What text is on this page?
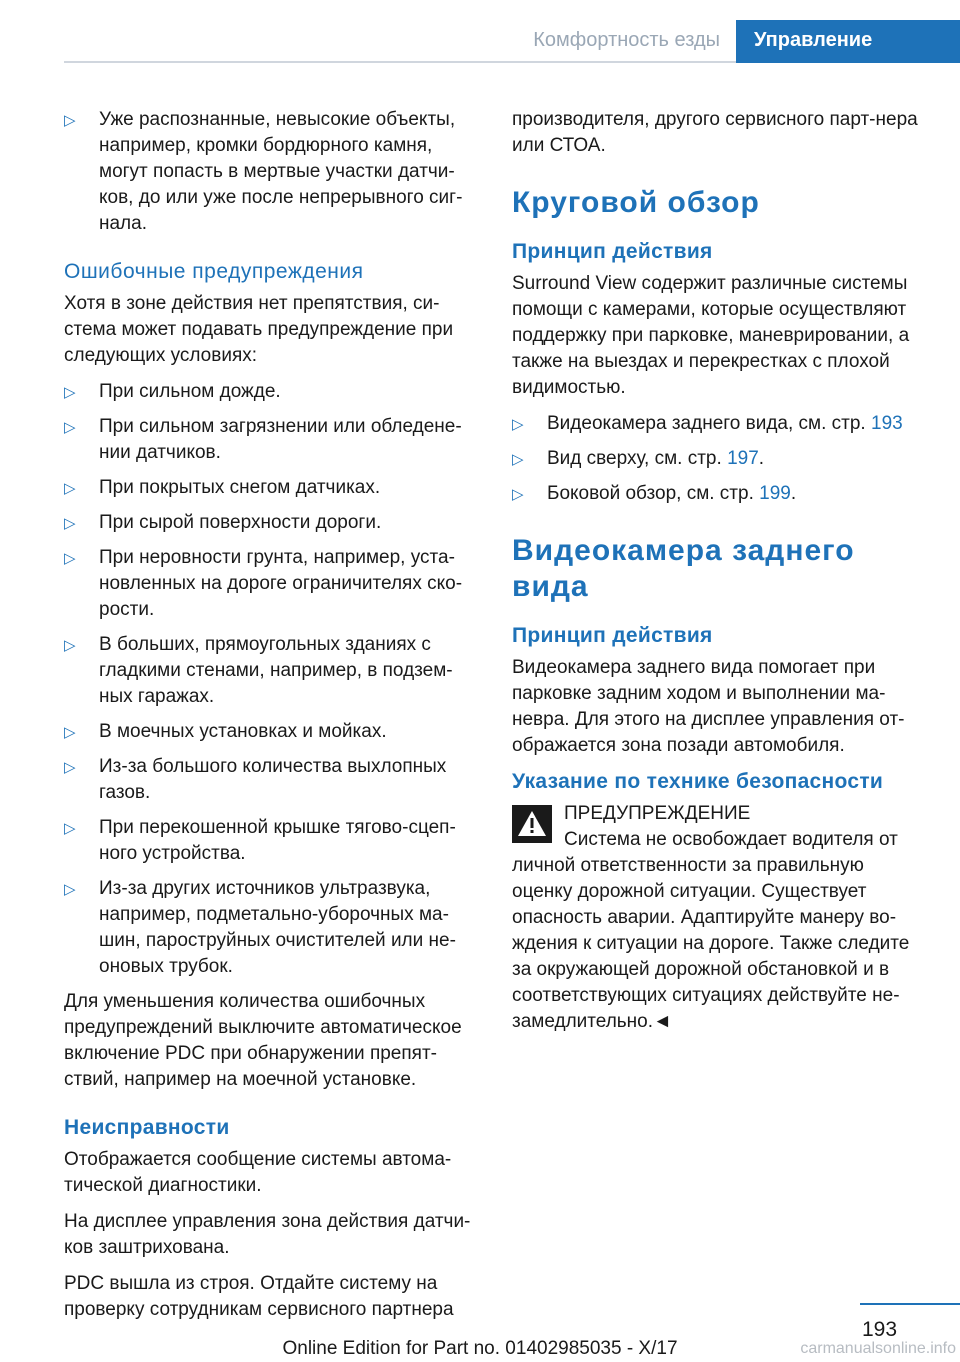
Комфортность езды	Управление
▷ Уже распознанные, невысокие объекты, например, кромки бордюрного камня, могут попасть в мертвые участки датчи-ков, до или уже после непрерывного сиг-нала.
Ошибочные предупреждения

Хотя в зоне действия нет препятствия, си-стема может подавать предупреждение при следующих условиях:

▷ При сильном дожде.
▷ При сильном загрязнении или обледене-нии датчиков.
▷ При покрытых снегом датчиках.
▷ При сырой поверхности дороги.
▷ При неровности грунта, например, уста-новленных на дороге ограничителях ско-рости.
▷ В больших, прямоугольных зданиях с гладкими стенами, например, в подзем-ных гаражах.
▷ В моечных установках и мойках.
▷ Из-за большого количества выхлопных газов.
▷ При перекошенной крышке тягово-сцеп-ного устройства.
▷ Из-за других источников ультразвука, например, подметально-уборочных ма-шин, пароструйных очистителей или не-оновых трубок.

Для уменьшения количества ошибочных предупреждений выключите автоматическое включение PDC при обнаружении препят-ствий, например на моечной установке.

Неисправности

Отображается сообщение системы автома-тической диагностики.

На дисплее управления зона действия датчи-ков заштрихована.

PDC вышла из строя. Отдайте систему на проверку сотрудникам сервисного партнера

производителя, другого сервисного парт-нера или СТОА.

Круговой обзор
Принцип действия

Surround View содержит различные системы помощи с камерами, которые осуществляют поддержку при парковке, маневрировании, а также на выездах и перекрестках с плохой видимостью.

▷ Видеокамера заднего вида, см. стр. 193
▷ Вид сверху, см. стр. 197.
▷ Боковой обзор, см. стр. 199.
Видеокамера заднего вида
Принцип действия

Видеокамера заднего вида помогает при парковке задним ходом и выполнении ма-невра. Для этого на дисплее управления от-ображается зона позади автомобиля.

Указание по технике безопасности

ПРЕДУПРЕЖДЕНИЕ

Система не освобождает водителя от

личной ответственности за правильную оценку дорожной ситуации. Существует опасность аварии. Адаптируйте манеру во-ждения к ситуации на дороге. Также следите за окружающей дорожной обстановкой и в соответствующих ситуациях действуйте не-замедлительно.◄

193
Online Edition for Part no. 01402985035 - X/17	carmanualsonline.info
